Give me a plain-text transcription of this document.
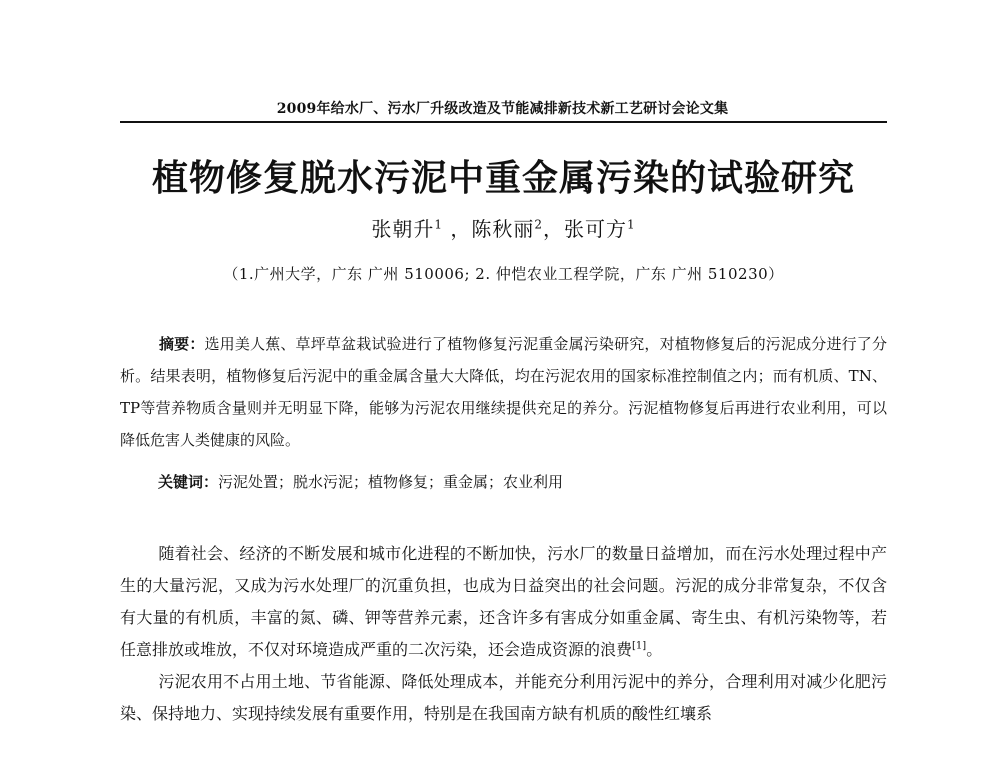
2009年给水厂、污水厂升级改造及节能减排新技术新工艺研讨会论文集
植物修复脱水污泥中重金属污染的试验研究
张朝升$^1$ ，陈秋丽$^2$，张可方$^1$
（1.广州大学，广东 广州 510006; 2. 仲恺农业工程学院，广东 广州 510230）

摘要：选用美人蕉、草坪草盆栽试验进行了植物修复污泥重金属污染研究，对植物修复后的污泥成分进行了分析。结果表明，植物修复后污泥中的重金属含量大大降低，均在污泥农用的国家标准控制值之内；而有机质、TN、TP等营养物质含量则并无明显下降，能够为污泥农用继续提供充足的养分。污泥植物修复后再进行农业利用，可以降低危害人类健康的风险。

关键词：污泥处置；脱水污泥；植物修复；重金属；农业利用

随着社会、经济的不断发展和城市化进程的不断加快，污水厂的数量日益增加，而在污水处理过程中产生的大量污泥，又成为污水处理厂的沉重负担，也成为日益突出的社会问题。污泥的成分非常复杂，不仅含有大量的有机质，丰富的氮、磷、钾等营养元素，还含许多有害成分如重金属、寄生虫、有机污染物等，若任意排放或堆放，不仅对环境造成严重的二次污染，还会造成资源的浪费[1]。

污泥农用不占用土地、节省能源、降低处理成本，并能充分利用污泥中的养分，合理利用对减少化肥污染、保持地力、实现持续发展有重要作用，特别是在我国南方缺有机质的酸性红壤系
